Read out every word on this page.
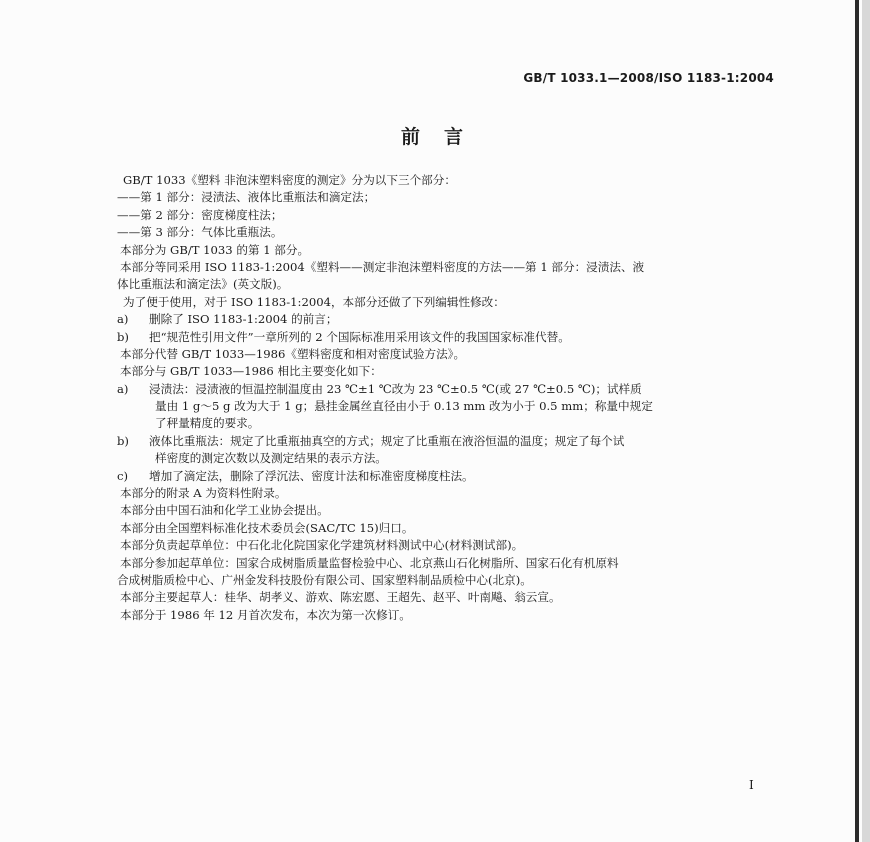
GB/T 1033.1—2008/ISO 1183-1:2004
前言
GB/T 1033《塑料 非泡沫塑料密度的测定》分为以下三个部分：
——第 1 部分：浸渍法、液体比重瓶法和滴定法；
——第 2 部分：密度梯度柱法；
——第 3 部分：气体比重瓶法。
本部分为 GB/T 1033 的第 1 部分。
本部分等同采用 ISO 1183-1:2004《塑料——测定非泡沫塑料密度的方法——第 1 部分：浸渍法、液
体比重瓶法和滴定法》(英文版)。
为了便于使用，对于 ISO 1183-1:2004，本部分还做了下列编辑性修改：
a) 删除了 ISO 1183-1:2004 的前言；
b) 把“规范性引用文件”一章所列的 2 个国际标准用采用该文件的我国国家标准代替。
本部分代替 GB/T 1033—1986《塑料密度和相对密度试验方法》。
本部分与 GB/T 1033—1986 相比主要变化如下：
a) 浸渍法：浸渍液的恒温控制温度由 23 ℃±1 ℃改为 23 ℃±0.5 ℃(或 27 ℃±0.5 ℃)；试样质
量由 1 g～5 g 改为大于 1 g；悬挂金属丝直径由小于 0.13 mm 改为小于 0.5 mm；称量中规定
了秤量精度的要求。
b) 液体比重瓶法：规定了比重瓶抽真空的方式；规定了比重瓶在液浴恒温的温度；规定了每个试
样密度的测定次数以及测定结果的表示方法。
c) 增加了滴定法，删除了浮沉法、密度计法和标准密度梯度柱法。
本部分的附录 A 为资料性附录。
本部分由中国石油和化学工业协会提出。
本部分由全国塑料标准化技术委员会(SAC/TC 15)归口。
本部分负责起草单位：中石化北化院国家化学建筑材料测试中心(材料测试部)。
本部分参加起草单位：国家合成树脂质量监督检验中心、北京燕山石化树脂所、国家石化有机原料
合成树脂质检中心、广州金发科技股份有限公司、国家塑料制品质检中心(北京)。
本部分主要起草人：桂华、胡孝义、游欢、陈宏愿、王超先、赵平、叶南飚、翁云宣。
本部分于 1986 年 12 月首次发布，本次为第一次修订。
I
